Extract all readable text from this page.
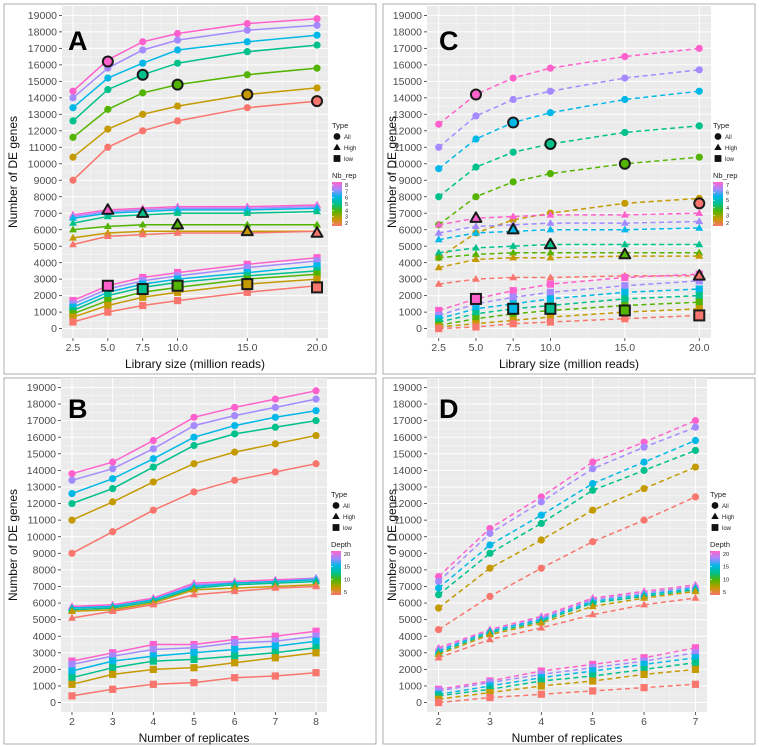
0
1000
2000
3000
4000
5000
6000
7000
8000
9000
10000
11000
12000
13000
14000
15000
16000
17000
18000
19000
2.5 5.0 7.5 10.0	15.0	20.0
Library size (million reads)
Number of DE genes
A
Type
All
High
low
Nb_rep
8
7
6
5
4
3
2
0
1000
2000
3000
4000
5000
6000
7000
8000
9000
10000
11000
12000
13000
14000
15000
16000
17000
18000
19000
2.5 5.0 7.5 10.0	15.0	20.0
Library size (million reads)
Number of DE genes
C
Type
All
High
low
Nb_rep
7
6
5
4
3
2
0
1000
2000
3000
4000
5000
6000
7000
8000
9000
10000
11000
12000
13000
14000
15000
16000
17000
18000
19000
2	3	4	5	6	7	8
Number of replicates
Number of DE genes
B
Type
All
High
low
Depth
20
15
10
5
0
1000
2000
3000
4000
5000
6000
7000
8000
9000
10000
11000
12000
13000
14000
15000
16000
17000
18000
19000
2	3	4	5	6	7
Number of replicates
Number of DE genes
D
Type
All
High
low
Depth
20
15
10
5
